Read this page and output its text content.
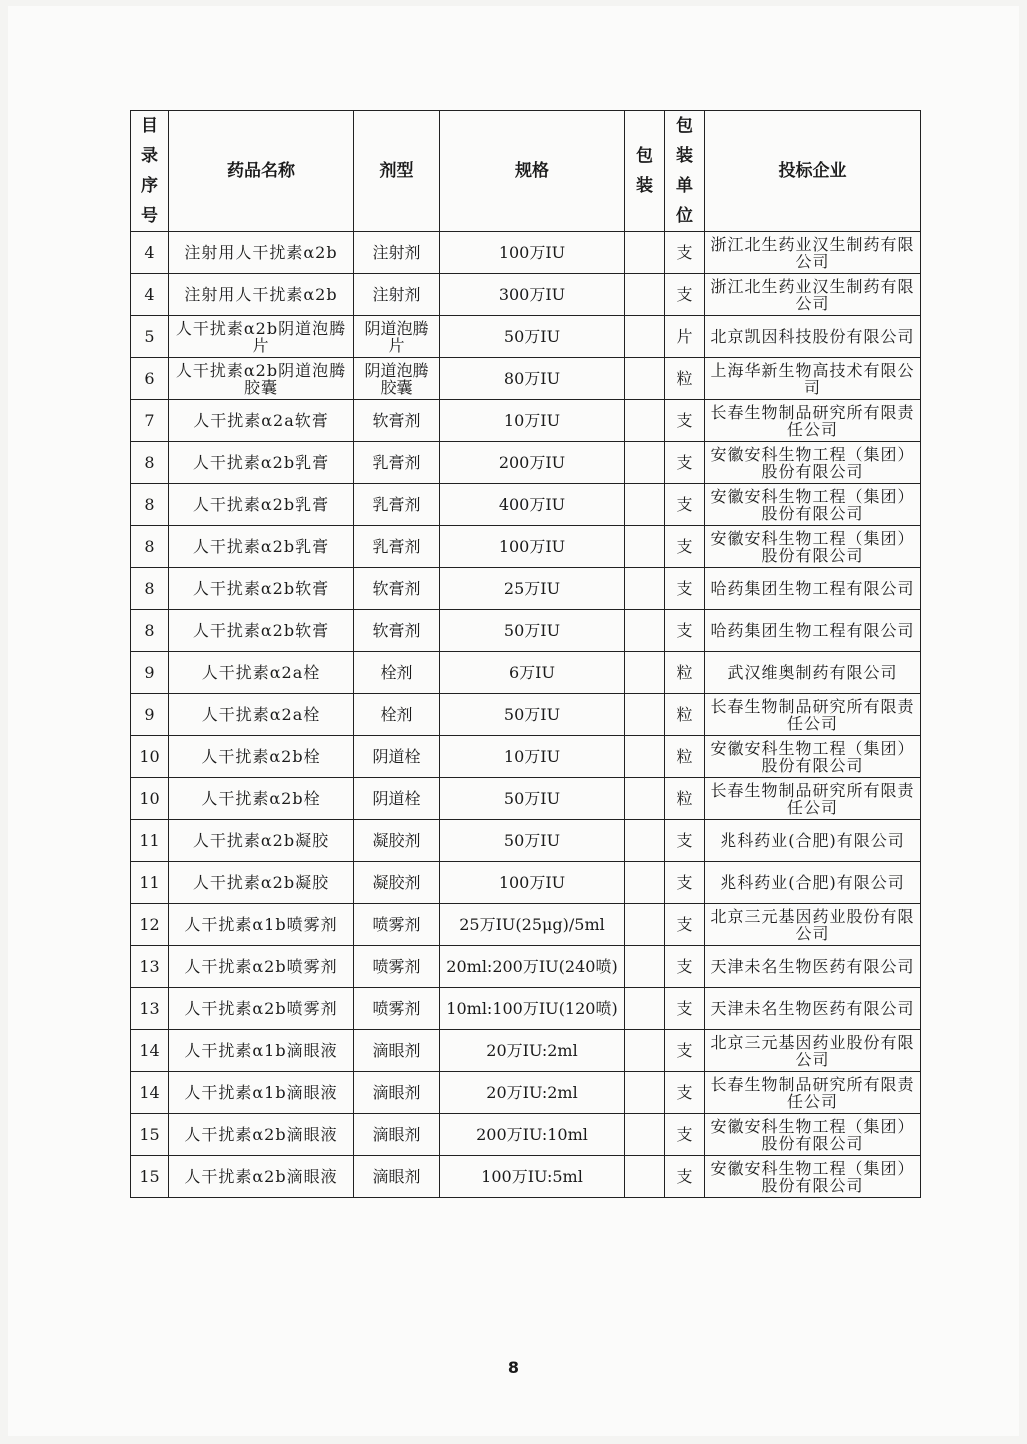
目录序号	药品名称	剂型	规格	包装	包装单位	投标企业
4	注射用人干扰素α2b	注射剂	100万IU		支	浙江北生药业汉生制药有限公司
4	注射用人干扰素α2b	注射剂	300万IU		支	浙江北生药业汉生制药有限公司
5	人干扰素α2b阴道泡腾片	阴道泡腾片	50万IU		片	北京凯因科技股份有限公司
6	人干扰素α2b阴道泡腾胶囊	阴道泡腾胶囊	80万IU		粒	上海华新生物高技术有限公司
7	人干扰素α2a软膏	软膏剂	10万IU		支	长春生物制品研究所有限责任公司
8	人干扰素α2b乳膏	乳膏剂	200万IU		支	安徽安科生物工程（集团）股份有限公司
8	人干扰素α2b乳膏	乳膏剂	400万IU		支	安徽安科生物工程（集团）股份有限公司
8	人干扰素α2b乳膏	乳膏剂	100万IU		支	安徽安科生物工程（集团）股份有限公司
8	人干扰素α2b软膏	软膏剂	25万IU		支	哈药集团生物工程有限公司
8	人干扰素α2b软膏	软膏剂	50万IU		支	哈药集团生物工程有限公司
9	人干扰素α2a栓	栓剂	6万IU		粒	武汉维奥制药有限公司
9	人干扰素α2a栓	栓剂	50万IU		粒	长春生物制品研究所有限责任公司
10	人干扰素α2b栓	阴道栓	10万IU		粒	安徽安科生物工程（集团）股份有限公司
10	人干扰素α2b栓	阴道栓	50万IU		粒	长春生物制品研究所有限责任公司
11	人干扰素α2b凝胶	凝胶剂	50万IU		支	兆科药业(合肥)有限公司
11	人干扰素α2b凝胶	凝胶剂	100万IU		支	兆科药业(合肥)有限公司
12	人干扰素α1b喷雾剂	喷雾剂	25万IU(25μg)/5ml		支	北京三元基因药业股份有限公司
13	人干扰素α2b喷雾剂	喷雾剂	20ml:200万IU(240喷)		支	天津未名生物医药有限公司
13	人干扰素α2b喷雾剂	喷雾剂	10ml:100万IU(120喷)		支	天津未名生物医药有限公司
14	人干扰素α1b滴眼液	滴眼剂	20万IU:2ml		支	北京三元基因药业股份有限公司
14	人干扰素α1b滴眼液	滴眼剂	20万IU:2ml		支	长春生物制品研究所有限责任公司
15	人干扰素α2b滴眼液	滴眼剂	200万IU:10ml		支	安徽安科生物工程（集团）股份有限公司
15	人干扰素α2b滴眼液	滴眼剂	100万IU:5ml		支	安徽安科生物工程（集团）股份有限公司
8
